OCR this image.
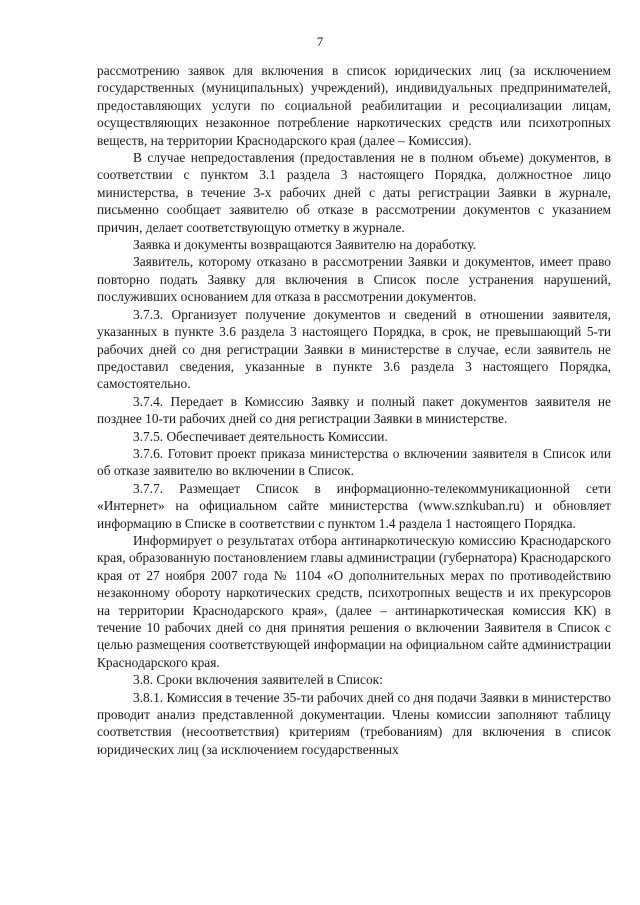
7

рассмотрению заявок для включения в список юридических лиц (за исключением государственных (муниципальных) учреждений), индивидуальных предпринимателей, предоставляющих услуги по социальной реабилитации и ресоциализации лицам, осуществляющих незаконное потребление наркотических средств или психотропных веществ, на территории Краснодарского края (далее – Комиссия).

В случае непредоставления (предоставления не в полном объеме) документов, в соответствии с пунктом 3.1 раздела 3 настоящего Порядка, должностное лицо министерства, в течение 3-х рабочих дней с даты регистрации Заявки в журнале, письменно сообщает заявителю об отказе в рассмотрении документов с указанием причин, делает соответствующую отметку в журнале.

Заявка и документы возвращаются Заявителю на доработку.

Заявитель, которому отказано в рассмотрении Заявки и документов, имеет право повторно подать Заявку для включения в Список после устранения нарушений, послуживших основанием для отказа в рассмотрении документов.

3.7.3. Организует получение документов и сведений в отношении заявителя, указанных в пункте 3.6 раздела 3 настоящего Порядка, в срок, не превышающий 5-ти рабочих дней со дня регистрации Заявки в министерстве в случае, если заявитель не предоставил сведения, указанные в пункте 3.6 раздела 3 настоящего Порядка, самостоятельно.

3.7.4. Передает в Комиссию Заявку и полный пакет документов заявителя не позднее 10-ти рабочих дней со дня регистрации Заявки в министерстве.

3.7.5. Обеспечивает деятельность Комиссии.

3.7.6. Готовит проект приказа министерства о включении заявителя в Список или об отказе заявителю во включении в Список.

3.7.7. Размещает Список в информационно-телекоммуникационной сети «Интернет» на официальном сайте министерства (www.sznkuban.ru) и обновляет информацию в Списке в соответствии с пунктом 1.4 раздела 1 настоящего Порядка.

Информирует о результатах отбора антинаркотическую комиссию Краснодарского края, образованную постановлением главы администрации (губернатора) Краснодарского края от 27 ноября 2007 года № 1104 «О дополнительных мерах по противодействию незаконному обороту наркотических средств, психотропных веществ и их прекурсоров на территории Краснодарского края», (далее – антинаркотическая комиссия КК) в течение 10 рабочих дней со дня принятия решения о включении Заявителя в Список с целью размещения соответствующей информации на официальном сайте администрации Краснодарского края.

3.8. Сроки включения заявителей в Список:

3.8.1. Комиссия в течение 35-ти рабочих дней со дня подачи Заявки в министерство проводит анализ представленной документации. Члены комиссии заполняют таблицу соответствия (несоответствия) критериям (требованиям) для включения в список юридических лиц (за исключением государственных
